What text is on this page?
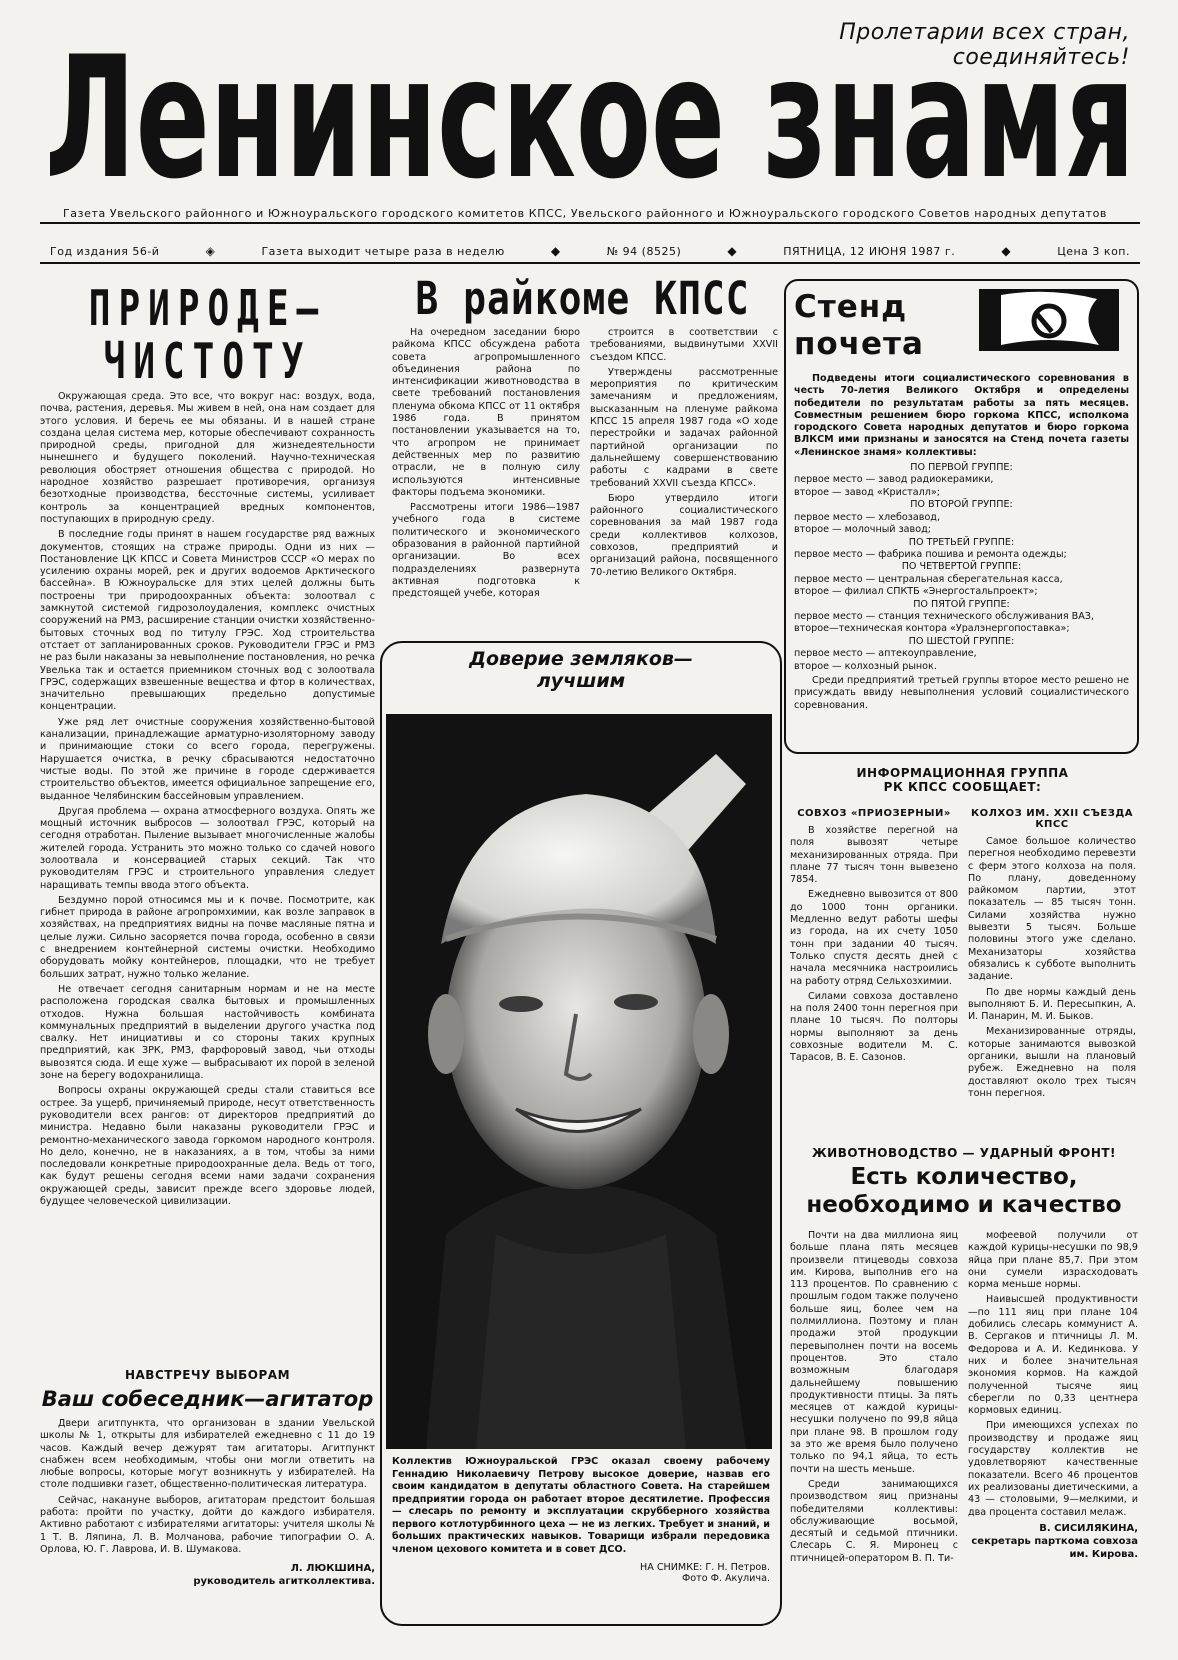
Пролетарии всех стран, соединяйтесь!
Ленинское знамя
Газета Увельского районного и Южноуральского городского комитетов КПСС, Увельского районного и Южноуральского городского Советов народных депутатов
Год издания 56-й	◈	Газета выходит четыре раза в неделю	◆	№ 94 (8525)	◆	ПЯТНИЦА, 12 ИЮНЯ 1987 г.	◆	Цена 3 коп.
ПРИРОДЕ—
ЧИСТОТУ

Окружающая среда. Это все, что вокруг нас: воздух, вода, почва, растения, деревья. Мы живем в ней, она нам создает для этого условия. И беречь ее мы обязаны. И в нашей стране создана целая система мер, которые обеспечивают сохранность природной среды, пригодной для жизнедеятельности нынешнего и будущего поколений. Научно-техническая революция обостряет отношения общества с природой. Но народное хозяйство разрешает противоречия, организуя безотходные производства, бессточные системы, усиливает контроль за концентрацией вредных компонентов, поступающих в природную среду.

В последние годы принят в нашем государстве ряд важных документов, стоящих на страже природы. Одни из них — Постановление ЦК КПСС и Совета Министров СССР «О мерах по усилению охраны морей, рек и других водоемов Арктического бассейна». В Южноуральске для этих целей должны быть построены три природоохранных объекта: золоотвал с замкнутой системой гидрозолоудаления, комплекс очистных сооружений на РМЗ, расширение станции очистки хозяйственно-бытовых сточных вод по титулу ГРЭС. Ход строительства отстает от запланированных сроков. Руководители ГРЭС и РМЗ не раз были наказаны за невыполнение постановления, но речка Увелька так и остается приемником сточных вод с золоотвала ГРЭС, содержащих взвешенные вещества и фтор в количествах, значительно превышающих предельно допустимые концентрации.

Уже ряд лет очистные сооружения хозяйственно-бытовой канализации, принадлежащие арматурно-изоляторному заводу и принимающие стоки со всего города, перегружены. Нарушается очистка, в речку сбрасываются недостаточно чистые воды. По этой же причине в городе сдерживается строительство объектов, имеется официальное запрещение его, выданное Челябинским бассейновым управлением.

Другая проблема — охрана атмосферного воздуха. Опять же мощный источник выбросов — золоотвал ГРЭС, который на сегодня отработан. Пыление вызывает многочисленные жалобы жителей города. Устранить это можно только со сдачей нового золоотвала и консервацией старых секций. Так что руководителям ГРЭС и строительного управления следует наращивать темпы ввода этого объекта.

Бездумно порой относимся мы и к почве. Посмотрите, как гибнет природа в районе агропромхимии, как возле заправок в хозяйствах, на предприятиях видны на почве масляные пятна и целые лужи. Сильно засоряется почва города, особенно в связи с внедрением контейнерной системы очистки. Необходимо оборудовать мойку контейнеров, площадки, что не требует больших затрат, нужно только желание.

Не отвечает сегодня санитарным нормам и не на месте расположена городская свалка бытовых и промышленных отходов. Нужна большая настойчивость комбината коммунальных предприятий в выделении другого участка под свалку. Нет инициативы и со стороны таких крупных предприятий, как ЗРК, РМЗ, фарфоровый завод, чьи отходы вывозятся сюда. И еще хуже — выбрасывают их порой в зеленой зоне на берегу водохранилища.

Вопросы охраны окружающей среды стали ставиться все острее. За ущерб, причиняемый природе, несут ответственность руководители всех рангов: от директоров предприятий до министра. Недавно были наказаны руководители ГРЭС и ремонтно-механического завода горкомом народного контроля. Но дело, конечно, не в наказаниях, а в том, чтобы за ними последовали конкретные природоохранные дела. Ведь от того, как будут решены сегодня всеми нами задачи сохранения окружающей среды, зависит прежде всего здоровье людей, будущее человеческой цивилизации.

НАВСТРЕЧУ ВЫБОРАМ
Ваш собеседник—агитатор

Двери агитпункта, что организован в здании Увельской школы № 1, открыты для избирателей ежедневно с 11 до 19 часов. Каждый вечер дежурят там агитаторы. Агитпункт снабжен всем необходимым, чтобы они могли ответить на любые вопросы, которые могут возникнуть у избирателей. На столе подшивки газет, общественно-политическая литература.

Сейчас, накануне выборов, агитаторам предстоит большая работа: пройти по участку, дойти до каждого избирателя. Активно работают с избирателями агитаторы: учителя школы № 1 Т. В. Ляпина, Л. В. Молчанова, рабочие типографии О. А. Орлова, Ю. Г. Лаврова, И. В. Шумакова.

Л. ЛЮКШИНА,
руководитель агитколлектива.
В райкоме КПСС

На очередном заседании бюро райкома КПСС обсуждена работа совета агропромышленного объединения района по интенсификации животноводства в свете требований постановления пленума обкома КПСС от 11 октября 1986 года. В принятом постановлении указывается на то, что агропром не принимает действенных мер по развитию отрасли, не в полную силу используются интенсивные факторы подъема экономики.

Рассмотрены итоги 1986—1987 учебного года в системе политического и экономического образования в районной партийной организации. Во всех подразделениях развернута активная подготовка к предстоящей учебе, которая

строится в соответствии с требованиями, выдвинутыми XXVII съездом КПСС.

Утверждены рассмотренные мероприятия по критическим замечаниям и предложениям, высказанным на пленуме райкома КПСС 15 апреля 1987 года «О ходе перестройки и задачах районной партийной организации по дальнейшему совершенствованию работы с кадрами в свете требований XXVII съезда КПСС».

Бюро утвердило итоги районного социалистического соревнования за май 1987 года среди коллективов колхозов, совхозов, предприятий и организаций района, посвященного 70-летию Великого Октября.

Доверие земляков—
лучшим

Коллектив Южноуральской ГРЭС оказал своему рабочему Геннадию Николаевичу Петрову высокое доверие, назвав его своим кандидатом в депутаты областного Совета. На старейшем предприятии города он работает второе десятилетие. Профессия — слесарь по ремонту и эксплуатации скрубберного хозяйства первого котлотурбинного цеха — не из легких. Требует и знаний, и больших практических навыков. Товарищи избрали передовика членом цехового комитета и в совет ДСО.

НА СНИМКЕ: Г. Н. Петров.
Фото Ф. Акулича.
Стенд
почета

Подведены итоги социалистического соревнования в честь 70-летия Великого Октября и определены победители по результатам работы за пять месяцев. Совместным решением бюро горкома КПСС, исполкома городского Совета народных депутатов и бюро горкома ВЛКСМ ими признаны и заносятся на Стенд почета газеты «Ленинское знамя» коллективы:

ПО ПЕРВОЙ ГРУППЕ:
первое место — завод радиокерамики,
второе — завод «Кристалл»;
ПО ВТОРОЙ ГРУППЕ:
первое место — хлебозавод,
второе — молочный завод;
ПО ТРЕТЬЕЙ ГРУППЕ:
первое место — фабрика пошива и ремонта одежды;
ПО ЧЕТВЕРТОЙ ГРУППЕ:
первое место — центральная сберегательная касса,
второе — филиал СПКТБ «Энергостальпроект»;
ПО ПЯТОЙ ГРУППЕ:
первое место — станция технического обслуживания ВАЗ,
второе—техническая контора «Уралэнергопоставка»;
ПО ШЕСТОЙ ГРУППЕ:
первое место — аптекоуправление,
второе — колхозный рынок.

Среди предприятий третьей группы второе место решено не присуждать ввиду невыполнения условий социалистического соревнования.

ИНФОРМАЦИОННАЯ ГРУППА
РК КПСС СООБЩАЕТ:
СОВХОЗ «ПРИОЗЕРНЫЙ»

В хозяйстве перегной на поля вывозят четыре механизированных отряда. При плане 77 тысяч тонн вывезено 7854.

Ежедневно вывозится от 800 до 1000 тонн органики. Медленно ведут работы шефы из города, на их счету 1050 тонн при задании 40 тысяч. Только спустя десять дней с начала месячника настроились на работу отряд Сельхозхимии.

Силами совхоза доставлено на поля 2400 тонн перегноя при плане 10 тысяч. По полторы нормы выполняют за день совхозные водители М. С. Тарасов, В. Е. Сазонов.

КОЛХОЗ ИМ. XXII СЪЕЗДА КПСС

Самое большое количество перегноя необходимо перевезти с ферм этого колхоза на поля. По плану, доведенному райкомом партии, этот показатель — 85 тысяч тонн. Силами хозяйства нужно вывезти 5 тысяч. Больше половины этого уже сделано. Механизаторы хозяйства обязались к субботе выполнить задание.

По две нормы каждый день выполняют Б. И. Пересыпкин, А. И. Панарин, М. И. Быков.

Механизированные отряды, которые занимаются вывозкой органики, вышли на плановый рубеж. Ежедневно на поля доставляют около трех тысяч тонн перегноя.

ЖИВОТНОВОДСТВО — УДАРНЫЙ ФРОНТ!
Есть количество,
необходимо и качество

Почти на два миллиона яиц больше плана пять месяцев произвели птицеводы совхоза им. Кирова, выполнив его на 113 процентов. По сравнению с прошлым годом также получено больше яиц, более чем на полмиллиона. Поэтому и план продажи этой продукции перевыполнен почти на восемь процентов. Это стало возможным благодаря дальнейшему повышению продуктивности птицы. За пять месяцев от каждой курицы-несушки получено по 99,8 яйца при плане 98. В прошлом году за это же время было получено только по 94,1 яйца, то есть почти на шесть меньше.

Среди занимающихся производством яиц признаны победителями коллективы: обслуживающие восьмой, десятый и седьмой птичники. Слесарь С. Я. Миронец с птичницей-оператором В. П. Ти-

мофеевой получили от каждой курицы-несушки по 98,9 яйца при плане 85,7. При этом они сумели израсходовать корма меньше нормы.

Наивысшей продуктивности—по 111 яиц при плане 104 добились слесарь коммунист А. В. Сергаков и птичницы Л. М. Федорова и А. И. Кединкова. У них и более значительная экономия кормов. На каждой полученной тысяче яиц сберегли по 0,33 центнера кормовых единиц.

При имеющихся успехах по производству и продаже яиц государству коллектив не удовлетворяют качественные показатели. Всего 46 процентов их реализованы диетическими, а 43 — столовыми, 9—мелкими, и два процента составил мелаж.

В. СИСИЛЯКИНА,
секретарь парткома совхоза им. Кирова.
